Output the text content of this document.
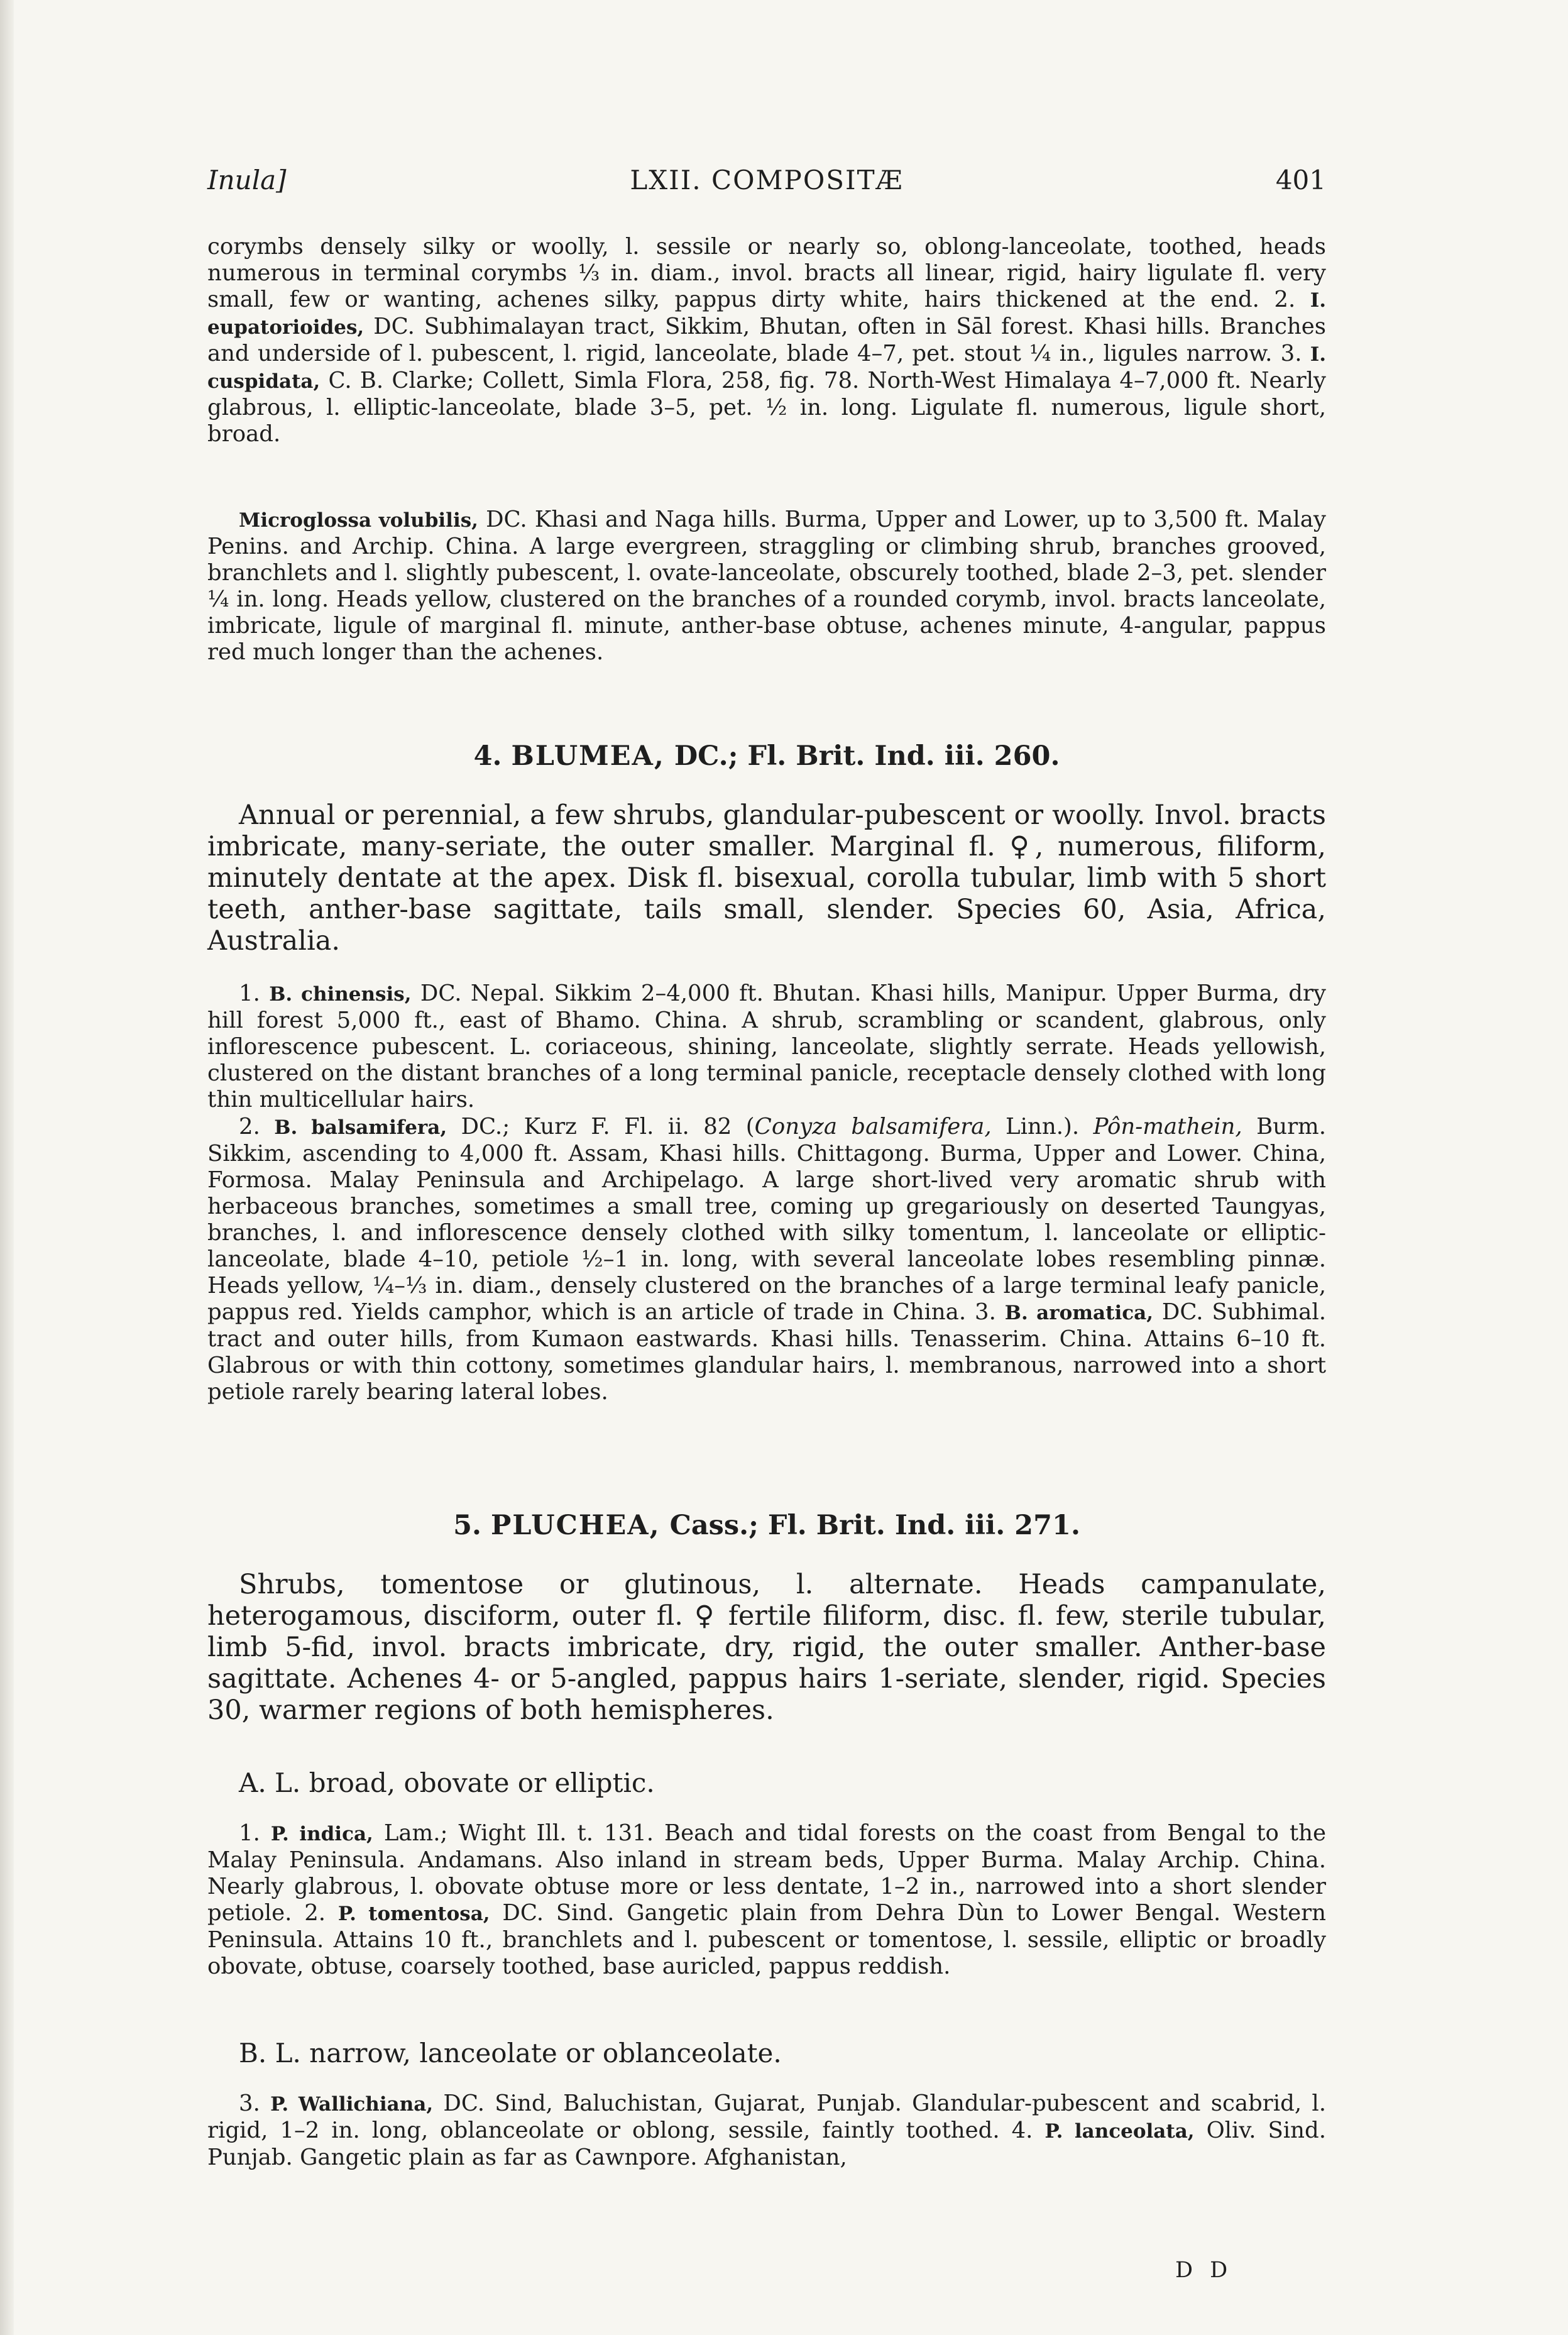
Inula]	LXII. COMPOSITÆ	401

corymbs densely silky or woolly, l. sessile or nearly so, oblong-lanceolate, toothed, heads numerous in terminal corymbs ⅓ in. diam., invol. bracts all linear, rigid, hairy ligulate fl. very small, few or wanting, achenes silky, pappus dirty white, hairs thickened at the end. 2. I. eupatorioides, DC. Subhimalayan tract, Sikkim, Bhutan, often in Sāl forest. Khasi hills. Branches and underside of l. pubescent, l. rigid, lanceolate, blade 4–7, pet. stout ¼ in., ligules narrow. 3. I. cuspidata, C. B. Clarke; Collett, Simla Flora, 258, fig. 78. North-West Himalaya 4–7,000 ft. Nearly glabrous, l. elliptic-lanceolate, blade 3–5, pet. ½ in. long. Ligulate fl. numerous, ligule short, broad.

Microglossa volubilis, DC. Khasi and Naga hills. Burma, Upper and Lower, up to 3,500 ft. Malay Penins. and Archip. China. A large evergreen, straggling or climbing shrub, branches grooved, branchlets and l. slightly pubescent, l. ovate-lanceolate, obscurely toothed, blade 2–3, pet. slender ¼ in. long. Heads yellow, clustered on the branches of a rounded corymb, invol. bracts lanceolate, imbricate, ligule of marginal fl. minute, anther-base obtuse, achenes minute, 4-angular, pappus red much longer than the achenes.

4. BLUMEA, DC.; Fl. Brit. Ind. iii. 260.

Annual or perennial, a few shrubs, glandular-pubescent or woolly. Invol. bracts imbricate, many-seriate, the outer smaller. Marginal fl. ♀, numerous, filiform, minutely dentate at the apex. Disk fl. bisexual, corolla tubular, limb with 5 short teeth, anther-base sagittate, tails small, slender. Species 60, Asia, Africa, Australia.

1. B. chinensis, DC. Nepal. Sikkim 2–4,000 ft. Bhutan. Khasi hills, Manipur. Upper Burma, dry hill forest 5,000 ft., east of Bhamo. China. A shrub, scrambling or scandent, glabrous, only inflorescence pubescent. L. coriaceous, shining, lanceolate, slightly serrate. Heads yellowish, clustered on the distant branches of a long terminal panicle, receptacle densely clothed with long thin multicellular hairs.

2. B. balsamifera, DC.; Kurz F. Fl. ii. 82 (Conyza balsamifera, Linn.). Pôn-mathein, Burm. Sikkim, ascending to 4,000 ft. Assam, Khasi hills. Chittagong. Burma, Upper and Lower. China, Formosa. Malay Peninsula and Archipelago. A large short-lived very aromatic shrub with herbaceous branches, sometimes a small tree, coming up gregariously on deserted Taungyas, branches, l. and inflorescence densely clothed with silky tomentum, l. lanceolate or elliptic-lanceolate, blade 4–10, petiole ½–1 in. long, with several lanceolate lobes resembling pinnæ. Heads yellow, ¼–⅓ in. diam., densely clustered on the branches of a large terminal leafy panicle, pappus red. Yields camphor, which is an article of trade in China. 3. B. aromatica, DC. Subhimal. tract and outer hills, from Kumaon eastwards. Khasi hills. Tenasserim. China. Attains 6–10 ft. Glabrous or with thin cottony, sometimes glandular hairs, l. membranous, narrowed into a short petiole rarely bearing lateral lobes.

5. PLUCHEA, Cass.; Fl. Brit. Ind. iii. 271.

Shrubs, tomentose or glutinous, l. alternate. Heads campanulate, heterogamous, disciform, outer fl. ♀ fertile filiform, disc. fl. few, sterile tubular, limb 5-fid, invol. bracts imbricate, dry, rigid, the outer smaller. Anther-base sagittate. Achenes 4- or 5-angled, pappus hairs 1-seriate, slender, rigid. Species 30, warmer regions of both hemispheres.

A. L. broad, obovate or elliptic.

1. P. indica, Lam.; Wight Ill. t. 131. Beach and tidal forests on the coast from Bengal to the Malay Peninsula. Andamans. Also inland in stream beds, Upper Burma. Malay Archip. China. Nearly glabrous, l. obovate obtuse more or less dentate, 1–2 in., narrowed into a short slender petiole. 2. P. tomentosa, DC. Sind. Gangetic plain from Dehra Dùn to Lower Bengal. Western Peninsula. Attains 10 ft., branchlets and l. pubescent or tomentose, l. sessile, elliptic or broadly obovate, obtuse, coarsely toothed, base auricled, pappus reddish.

B. L. narrow, lanceolate or oblanceolate.

3. P. Wallichiana, DC. Sind, Baluchistan, Gujarat, Punjab. Glandular-pubescent and scabrid, l. rigid, 1–2 in. long, oblanceolate or oblong, sessile, faintly toothed. 4. P. lanceolata, Oliv. Sind. Punjab. Gangetic plain as far as Cawnpore. Afghanistan,

D D
